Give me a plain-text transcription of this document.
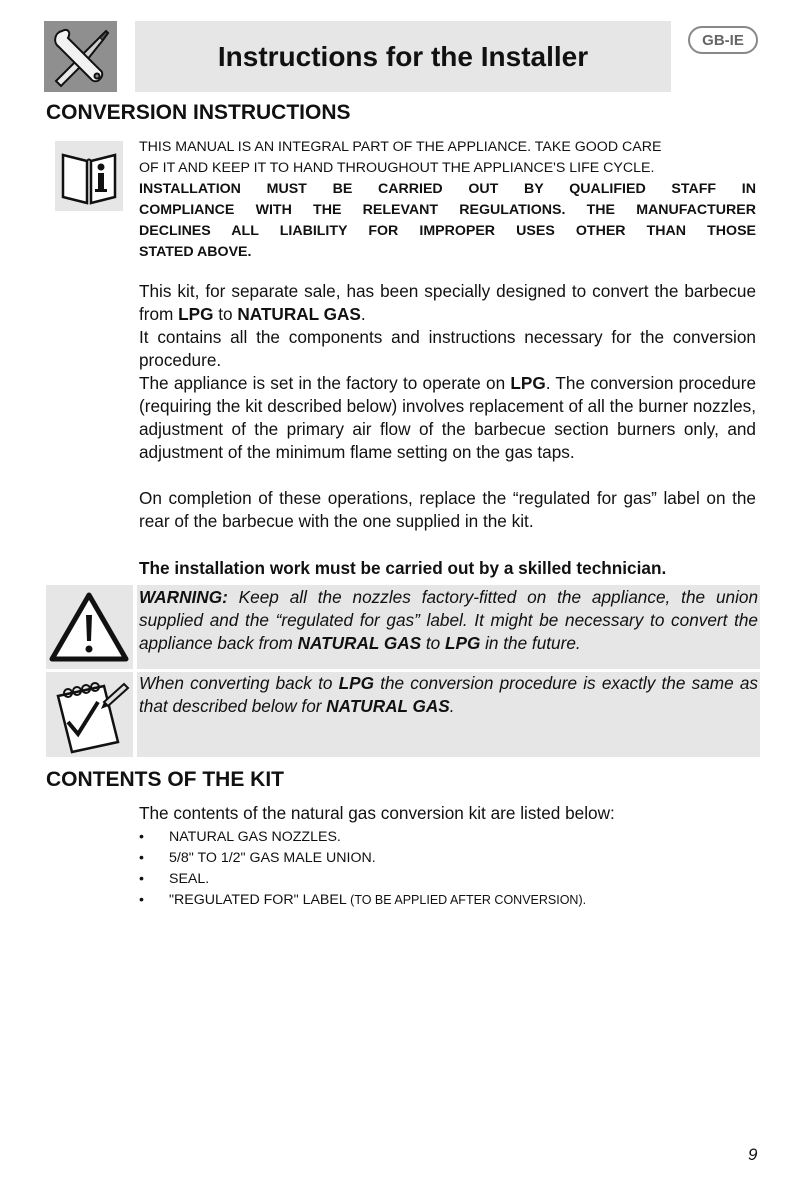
Instructions for the Installer
GB-IE
CONVERSION INSTRUCTIONS
THIS MANUAL IS AN INTEGRAL PART OF THE APPLIANCE. TAKE GOOD CARE
OF IT AND KEEP IT TO HAND THROUGHOUT THE APPLIANCE'S LIFE CYCLE.
INSTALLATION MUST BE CARRIED OUT BY QUALIFIED STAFF IN
COMPLIANCE WITH THE RELEVANT REGULATIONS. THE MANUFACTURER
DECLINES ALL LIABILITY FOR IMPROPER USES OTHER THAN THOSE
STATED ABOVE.

This kit, for separate sale, has been specially designed to convert the barbecue from LPG to NATURAL GAS.

It contains all the components and instructions necessary for the conversion procedure.

The appliance is set in the factory to operate on LPG. The conversion procedure (requiring the kit described below) involves replacement of all the burner nozzles, adjustment of the primary air flow of the barbecue section burners only, and adjustment of the minimum flame setting on the gas taps.

On completion of these operations, replace the “regulated for gas” label on the rear of the barbecue with the one supplied in the kit.

The installation work must be carried out by a skilled technician.

WARNING: Keep all the nozzles factory-fitted on the appliance, the union supplied and the “regulated for gas” label. It might be necessary to convert the appliance back from NATURAL GAS to LPG in the future.
When converting back to LPG the conversion procedure is exactly the same as that described below for NATURAL GAS.
CONTENTS OF THE KIT

The contents of the natural gas conversion kit are listed below:

• NATURAL GAS NOZZLES.
• 5/8" TO 1/2" GAS MALE UNION.
• SEAL.
• "REGULATED FOR" LABEL (TO BE APPLIED AFTER CONVERSION).
9
